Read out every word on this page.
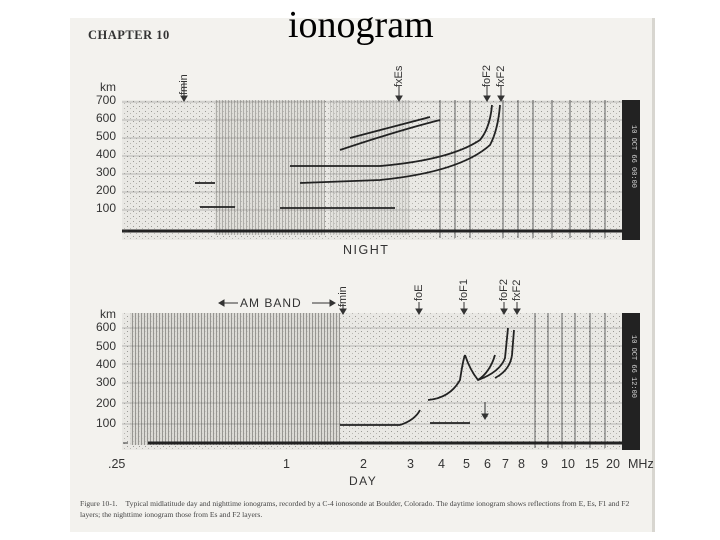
CHAPTER 10	ionogram
km
700
600
500
400
300
200
100
fmin	fxEs	foF2 fxF2
NIGHT
km
600
500
400
300
200
100
AM BAND	fmin	foE	foF1	foF2 fxF2
.25	1	2	3 4 5 6 7 8 9 10 15 20 MHz
DAY
Figure 10-1. Typical midlatitude day and nighttime ionograms, recorded by a C-4 ionosonde at Boulder, Colorado. The daytime ionogram shows reflections from E, Es, F1 and F2 layers; the nighttime ionogram those from Es and F2 layers.
10 OCT 66 00:00
10 OCT 66 12:00
